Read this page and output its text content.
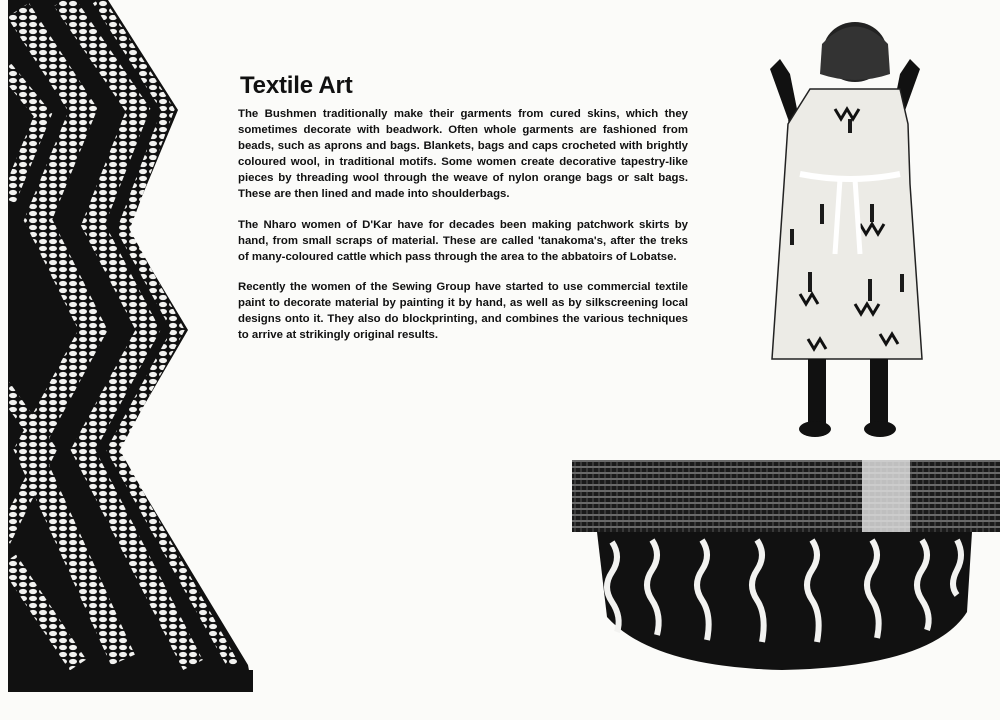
Textile Art

The Bushmen traditionally make their garments from cured skins, which they sometimes decorate with beadwork. Often whole garments are fashioned from beads, such as aprons and bags. Blankets, bags and caps crocheted with brightly coloured wool, in traditional motifs. Some women create decorative tapestry-like pieces by threading wool through the weave of nylon orange bags or salt bags. These are then lined and made into shoulderbags.

The Nharo women of D'Kar have for decades been making patchwork skirts by hand, from small scraps of material. These are called 'tanakoma's, after the treks of many-coloured cattle which pass through the area to the abbatoirs of Lobatse.

Recently the women of the Sewing Group have started to use commercial textile paint to decorate material by painting it by hand, as well as by silkscreening local designs onto it. They also do blockprinting, and combines the various techniques to arrive at strikingly original results.
